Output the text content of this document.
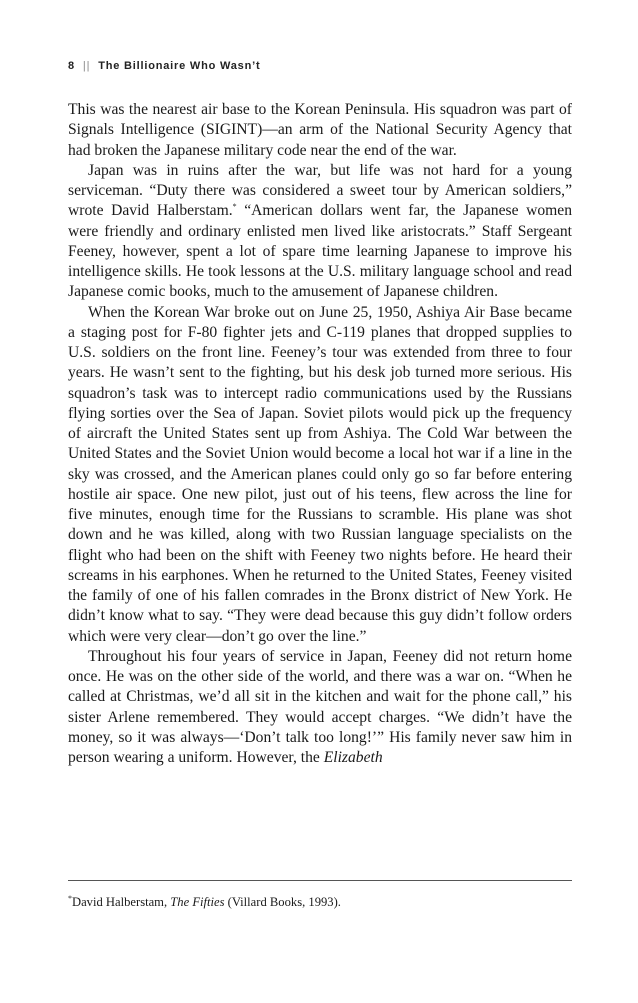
8 || The Billionaire Who Wasn’t

This was the nearest air base to the Korean Peninsula. His squadron was part of Signals Intelligence (SIGINT)—an arm of the National Security Agency that had broken the Japanese military code near the end of the war.

Japan was in ruins after the war, but life was not hard for a young serviceman. “Duty there was considered a sweet tour by American soldiers,” wrote David Halberstam.* “American dollars went far, the Japanese women were friendly and ordinary enlisted men lived like aristocrats.” Staff Sergeant Feeney, however, spent a lot of spare time learning Japanese to improve his intelligence skills. He took lessons at the U.S. military language school and read Japanese comic books, much to the amusement of Japanese children.

When the Korean War broke out on June 25, 1950, Ashiya Air Base became a staging post for F-80 fighter jets and C-119 planes that dropped supplies to U.S. soldiers on the front line. Feeney’s tour was extended from three to four years. He wasn’t sent to the fighting, but his desk job turned more serious. His squadron’s task was to intercept radio communications used by the Russians flying sorties over the Sea of Japan. Soviet pilots would pick up the frequency of aircraft the United States sent up from Ashiya. The Cold War between the United States and the Soviet Union would become a local hot war if a line in the sky was crossed, and the American planes could only go so far before entering hostile air space. One new pilot, just out of his teens, flew across the line for five minutes, enough time for the Russians to scramble. His plane was shot down and he was killed, along with two Russian language specialists on the flight who had been on the shift with Feeney two nights before. He heard their screams in his earphones. When he returned to the United States, Feeney visited the family of one of his fallen comrades in the Bronx district of New York. He didn’t know what to say. “They were dead because this guy didn’t follow orders which were very clear—don’t go over the line.”

Throughout his four years of service in Japan, Feeney did not return home once. He was on the other side of the world, and there was a war on. “When he called at Christmas, we’d all sit in the kitchen and wait for the phone call,” his sister Arlene remembered. They would accept charges. “We didn’t have the money, so it was always—‘Don’t talk too long!’” His family never saw him in person wearing a uniform. However, the Elizabeth

*David Halberstam, The Fifties (Villard Books, 1993).
